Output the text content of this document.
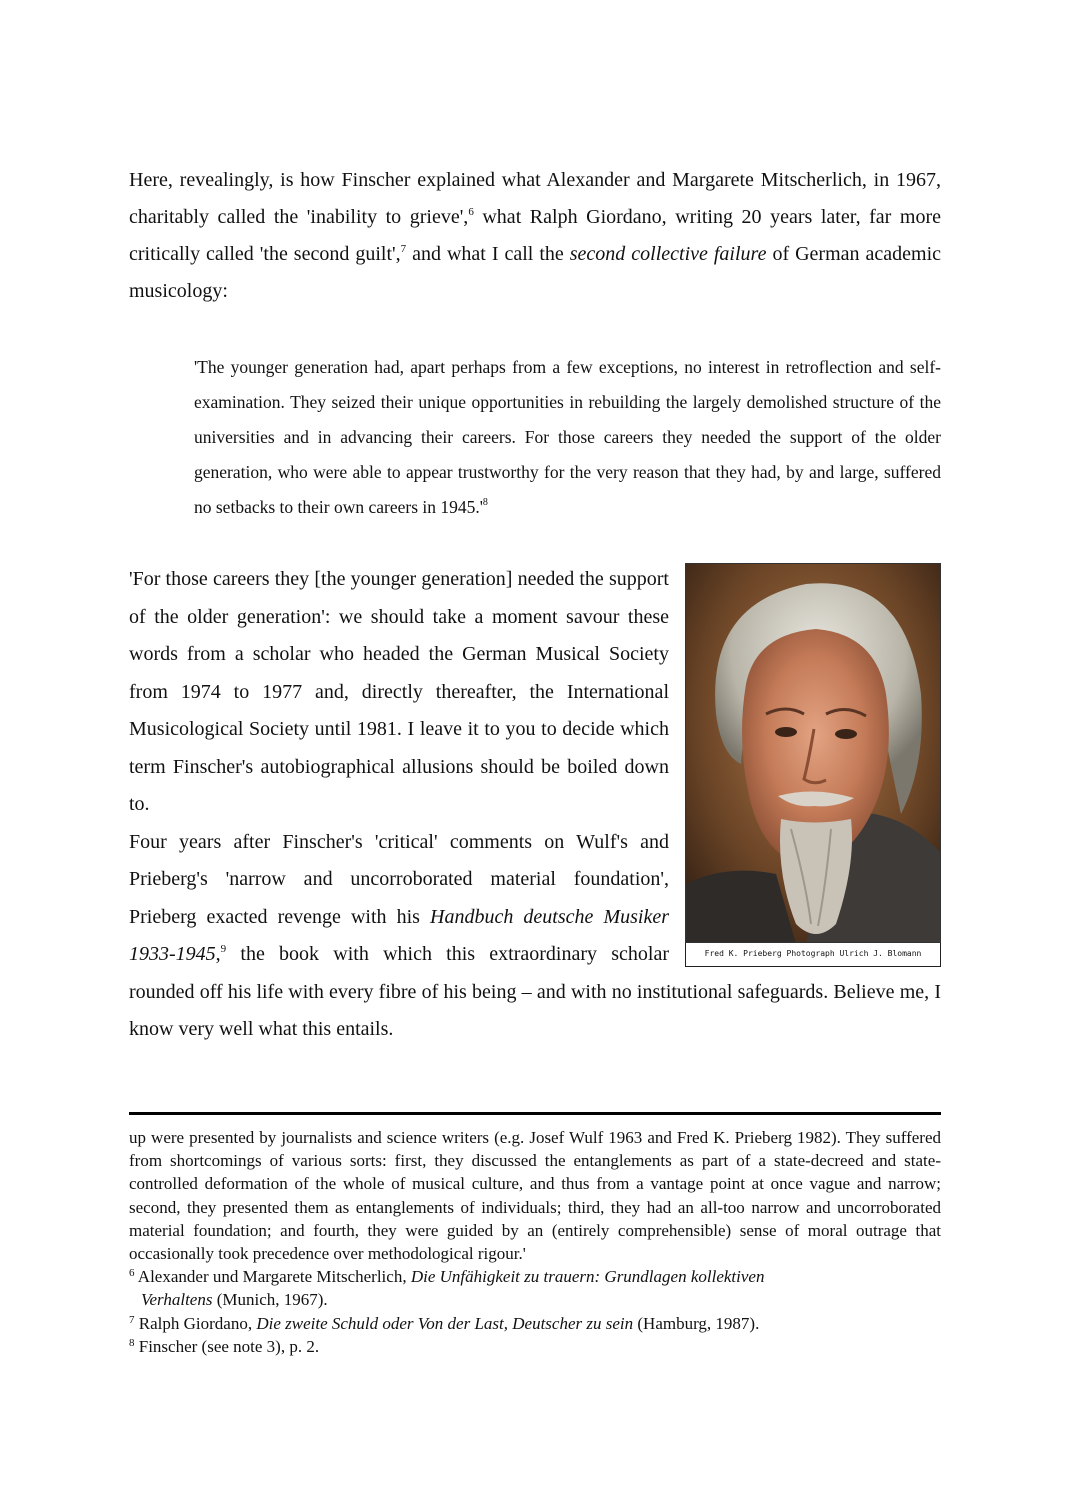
Here, revealingly, is how Finscher explained what Alexander and Margarete Mitscherlich, in 1967, charitably called the 'inability to grieve',$^6$ what Ralph Giordano, writing 20 years later, far more critically called 'the second guilt',$^7$ and what I call the second collective failure of German academic musicology:

'The younger generation had, apart perhaps from a few exceptions, no interest in retroflection and self-examination. They seized their unique opportunities in rebuilding the largely demolished structure of the universities and in advancing their careers. For those careers they needed the support of the older generation, who were able to appear trustworthy for the very reason that they had, by and large, suffered no setbacks to their own careers in $1945.'^8$

Fred K. Prieberg Photograph Ulrich J. Blomann
'For those careers they [the younger generation] needed the support of the older generation': we should take a moment savour these words from a scholar who headed the German Musical Society from 1974 to 1977 and, directly thereafter, the International Musicological Society until 1981. I leave it to you to decide which term Finscher's autobiographical allusions should be boiled down to.
Four years after Finscher's 'critical' comments on Wulf's and Prieberg's 'narrow and uncorroborated material foundation', Prieberg exacted revenge with his Handbuch deutsche Musiker 1933-1945,$^9$ the book with which this extraordinary scholar rounded off his life with every fibre of his being – and with no institutional safeguards. Believe me, I know very well what this entails.

up were presented by journalists and science writers (e.g. Josef Wulf 1963 and Fred K. Prieberg 1982). They suffered from shortcomings of various sorts: first, they discussed the entanglements as part of a state-decreed and state-controlled deformation of the whole of musical culture, and thus from a vantage point at once vague and narrow; second, they presented them as entanglements of individuals; third, they had an all-too narrow and uncorroborated material foundation; and fourth, they were guided by an (entirely comprehensible) sense of moral outrage that occasionally took precedence over methodological rigour.'

$^6$ Alexander und Margarete Mitscherlich, Die Unfähigkeit zu trauern: Grundlagen kollektiven
Verhaltens (Munich, 1967).

$^7$ Ralph Giordano, Die zweite Schuld oder Von der Last, Deutscher zu sein (Hamburg, 1987).

$^8$ Finscher (see note 3), p. 2.
